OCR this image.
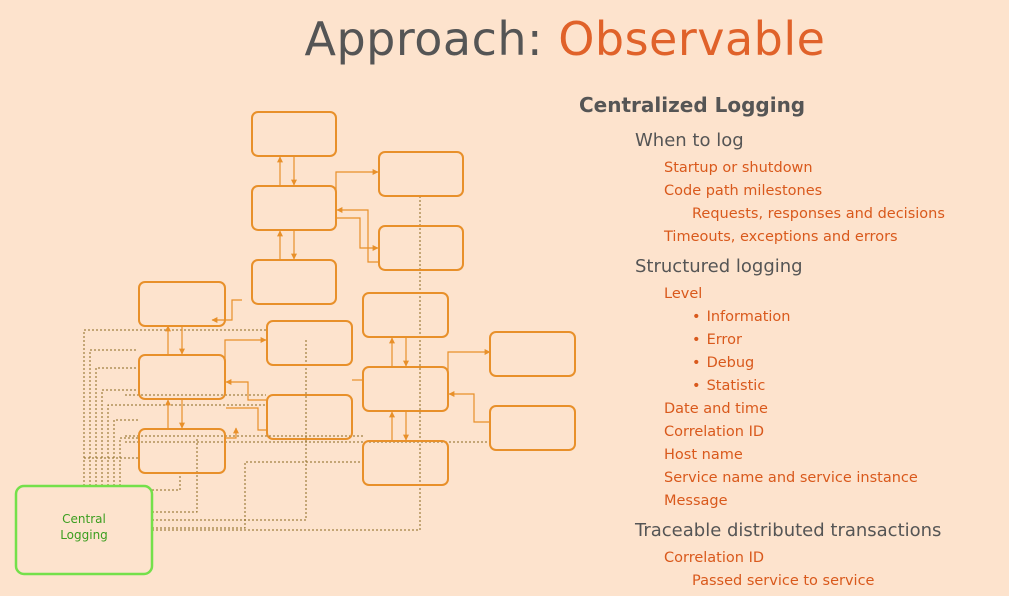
Approach: Observable
Central
Logging
Centralized Logging
When to log
Startup or shutdown
Code path milestones
Requests, responses and decisions
Timeouts, exceptions and errors
Structured logging
Level
• Information
• Error
• Debug
• Statistic
Date and time
Correlation ID
Host name
Service name and service instance
Message
Traceable distributed transactions
Correlation ID
Passed service to service
